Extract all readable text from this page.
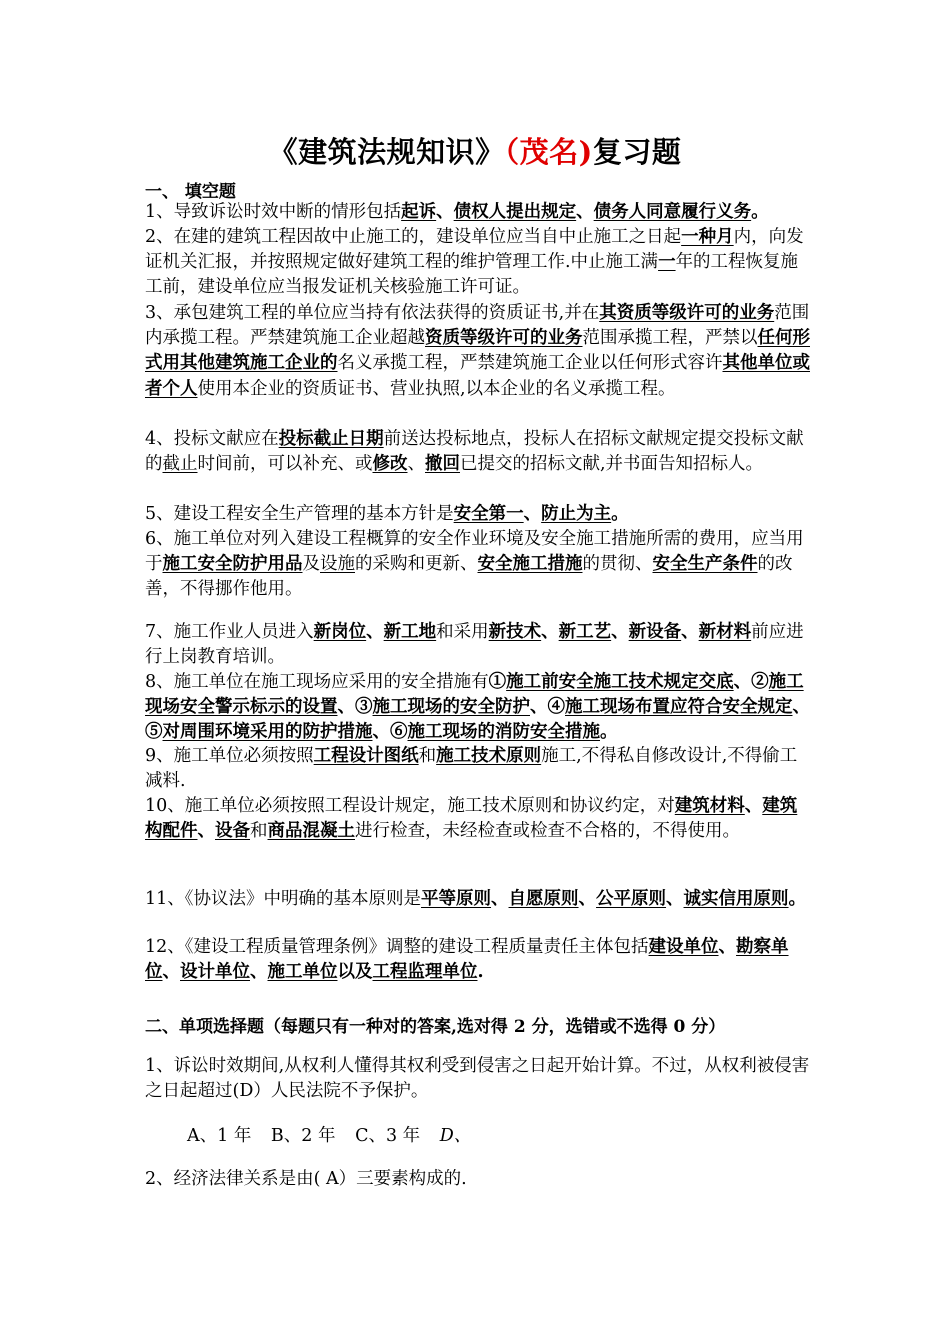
《建筑法规知识》（茂名)复习题
一、 填空题
1、导致诉讼时效中断的情形包括起诉、债权人提出规定、债务人同意履行义务。
2、在建的建筑工程因故中止施工的，建设单位应当自中止施工之日起一种月内，向发证机关汇报，并按照规定做好建筑工程的维护管理工作.中止施工满一年的工程恢复施工前，建设单位应当报发证机关核验施工许可证。
3、承包建筑工程的单位应当持有依法获得的资质证书,并在其资质等级许可的业务范围内承揽工程。严禁建筑施工企业超越资质等级许可的业务范围承揽工程，严禁以任何形式用其他建筑施工企业的名义承揽工程，严禁建筑施工企业以任何形式容许其他单位或者个人使用本企业的资质证书、营业执照,以本企业的名义承揽工程。
4、投标文献应在投标截止日期前送达投标地点，投标人在招标文献规定提交投标文献的截止时间前，可以补充、或修改、撤回已提交的招标文献,并书面告知招标人。
5、建设工程安全生产管理的基本方针是安全第一、防止为主。
6、施工单位对列入建设工程概算的安全作业环境及安全施工措施所需的费用，应当用于施工安全防护用品及设施的采购和更新、安全施工措施的贯彻、安全生产条件的改善，不得挪作他用。
7、施工作业人员进入新岗位、新工地和采用新技术、新工艺、新设备、新材料前应进行上岗教育培训。
8、施工单位在施工现场应采用的安全措施有①施工前安全施工技术规定交底、②施工现场安全警示标示的设置、③施工现场的安全防护、④施工现场布置应符合安全规定、 ⑤对周围环境采用的防护措施、⑥施工现场的消防安全措施。
9、施工单位必须按照工程设计图纸和施工技术原则施工,不得私自修改设计,不得偷工减料.
10、施工单位必须按照工程设计规定，施工技术原则和协议约定，对建筑材料、建筑构配件、设备和商品混凝土进行检查，未经检查或检查不合格的，不得使用。
11、《协议法》中明确的基本原则是平等原则、自愿原则、公平原则、诚实信用原则。
12、《建设工程质量管理条例》调整的建设工程质量责任主体包括建设单位、勘察单位、设计单位、施工单位以及工程监理单位.
二、单项选择题（每题只有一种对的答案,选对得 2 分，选错或不选得 0 分）
1、诉讼时效期间,从权利人懂得其权利受到侵害之日起开始计算。不过，从权利被侵害之日起超过(D）人民法院不予保护。
A、1 年 B、2 年 C、3 年 D、
2、经济法律关系是由( A）三要素构成的.
